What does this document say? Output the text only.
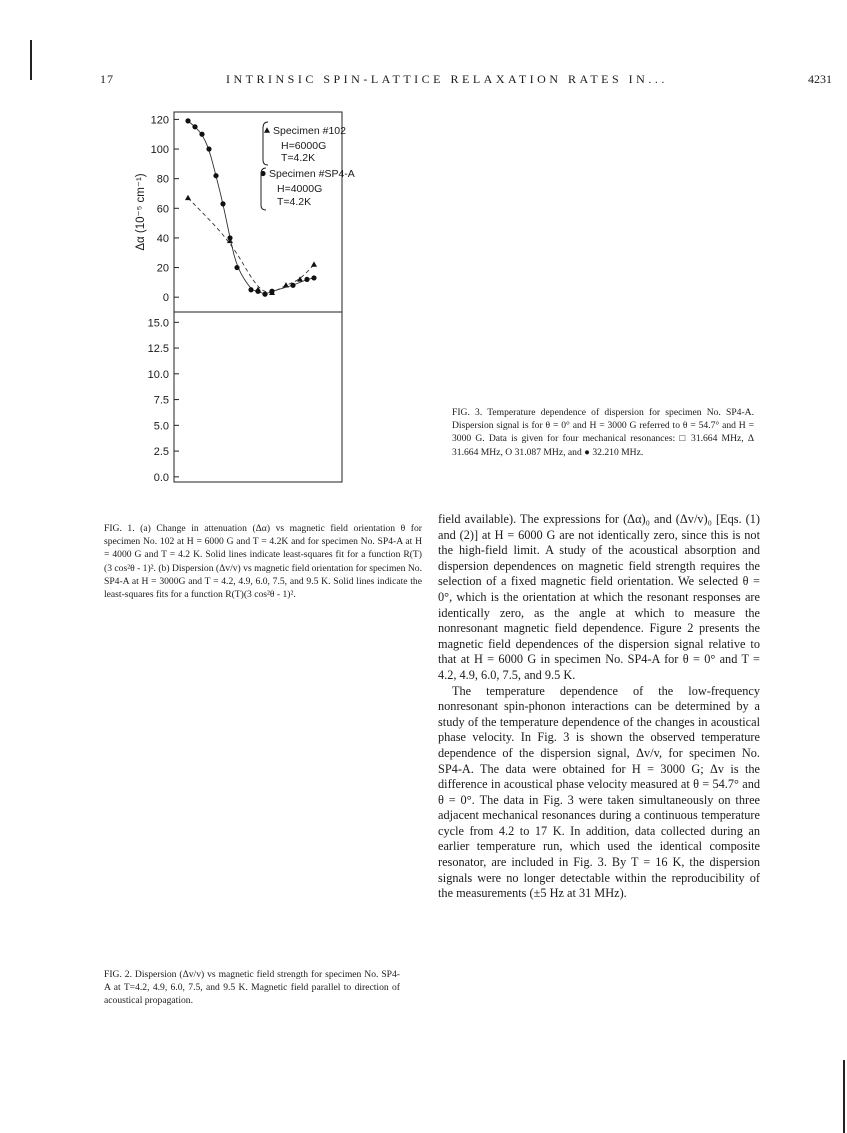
17	INTRINSIC SPIN-LATTICE RELAXATION RATES IN...	4231
120
100
80
60
40
20
0
Δα (10⁻⁵ cm⁻¹)
Specimen #102
H=6000G
T=4.2K
Specimen #SP4-A
H=4000G
T=4.2K
15.0
12.5
10.0
7.5
5.0
2.5
0.0

FIG. 1. (a) Change in attenuation (Δα) vs magnetic field orientation θ for specimen No. 102 at H = 6000 G and T = 4.2K and for specimen No. SP4-A at H = 4000 G and T = 4.2 K. Solid lines indicate least-squares fit for a function R(T) (3 cos²θ - 1)². (b) Dispersion (Δv/v) vs magnetic field orientation for specimen No. SP4-A at H = 3000G and T = 4.2, 4.9, 6.0, 7.5, and 9.5 K. Solid lines indicate the least-squares fits for a function R(T)(3 cos²θ - 1)².

FIG. 2. Dispersion (Δv/v) vs magnetic field strength for specimen No. SP4-A at T=4.2, 4.9, 6.0, 7.5, and 9.5 K. Magnetic field parallel to direction of acoustical propagation.

FIG. 3. Temperature dependence of dispersion for specimen No. SP4-A. Dispersion signal is for θ = 0° and H = 3000 G referred to θ = 54.7° and H = 3000 G. Data is given for four mechanical resonances: □ 31.664 MHz, Δ 31.664 MHz, O 31.087 MHz, and ● 32.210 MHz.

field available). The expressions for (Δα)₀ and (Δv/v)₀ [Eqs. (1) and (2)] at H = 6000 G are not identically zero, since this is not the high-field limit. A study of the acoustical absorption and dispersion dependences on magnetic field strength requires the selection of a fixed magnetic field orientation. We selected θ = 0°, which is the orientation at which the resonant responses are identically zero, as the angle at which to measure the nonresonant magnetic field dependence. Figure 2 presents the magnetic field dependences of the dispersion signal relative to that at H = 6000 G in specimen No. SP4-A for θ = 0° and T = 4.2, 4.9, 6.0, 7.5, and 9.5 K.

The temperature dependence of the low-frequency nonresonant spin-phonon interactions can be determined by a study of the temperature dependence of the changes in acoustical phase velocity. In Fig. 3 is shown the observed temperature dependence of the dispersion signal, Δv/v, for specimen No. SP4-A. The data were obtained for H = 3000 G; Δv is the difference in acoustical phase velocity measured at θ = 54.7° and θ = 0°. The data in Fig. 3 were taken simultaneously on three adjacent mechanical resonances during a continuous temperature cycle from 4.2 to 17 K. In addition, data collected during an earlier temperature run, which used the identical composite resonator, are included in Fig. 3. By T = 16 K, the dispersion signals were no longer detectable within the reproducibility of the measurements (±5 Hz at 31 MHz).
